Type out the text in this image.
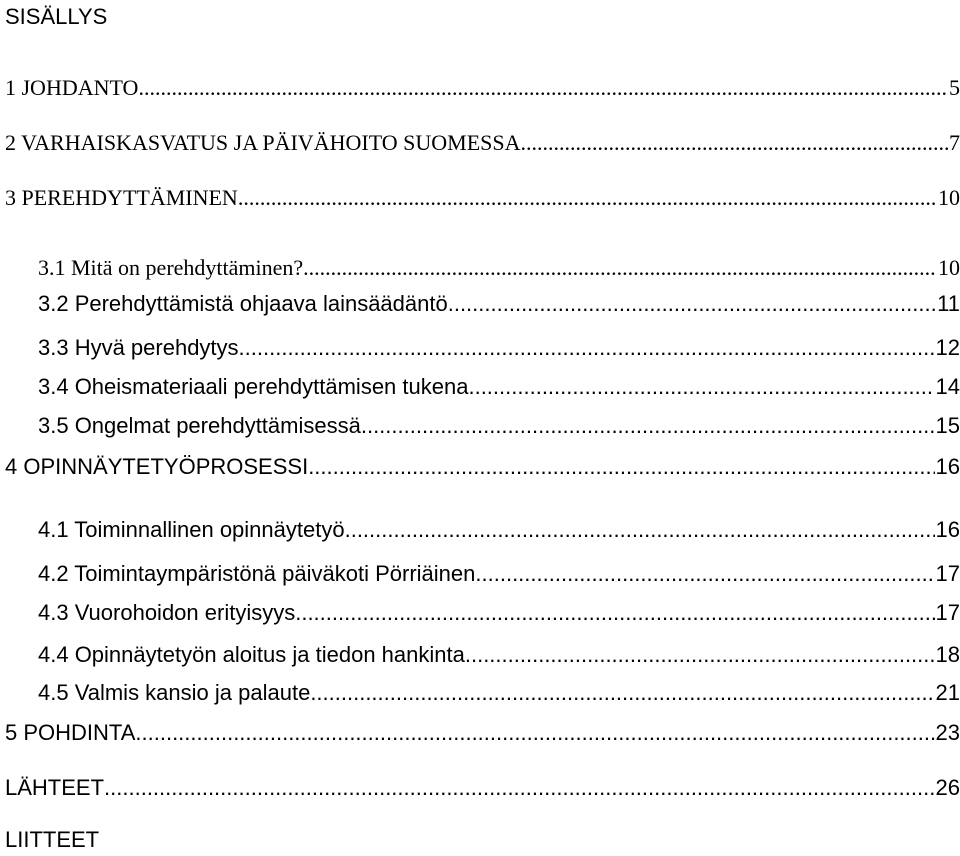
SISÄLLYS
1 JOHDANTO .....	5
2 VARHAISKASVATUS JA PÄIVÄHOITO SUOMESSA .....	7
3 PEREHDYTTÄMINEN .....	10
3.1 Mitä on perehdyttäminen? .....	10
3.2 Perehdyttämistä ohjaava lainsäädäntö .....	11
3.3 Hyvä perehdytys .....	12
3.4 Oheismateriaali perehdyttämisen tukena .....	14
3.5 Ongelmat perehdyttämisessä .....	15
4 OPINNÄYTETYÖPROSESSI .....	16
4.1 Toiminnallinen opinnäytetyö .....	16
4.2 Toimintaympäristönä päiväkoti Pörriäinen .....	17
4.3 Vuorohoidon erityisyys .....	17
4.4 Opinnäytetyön aloitus ja tiedon hankinta .....	18
4.5 Valmis kansio ja palaute .....	21
5 POHDINTA .....	23
LÄHTEET .....	26
LIITTEET
